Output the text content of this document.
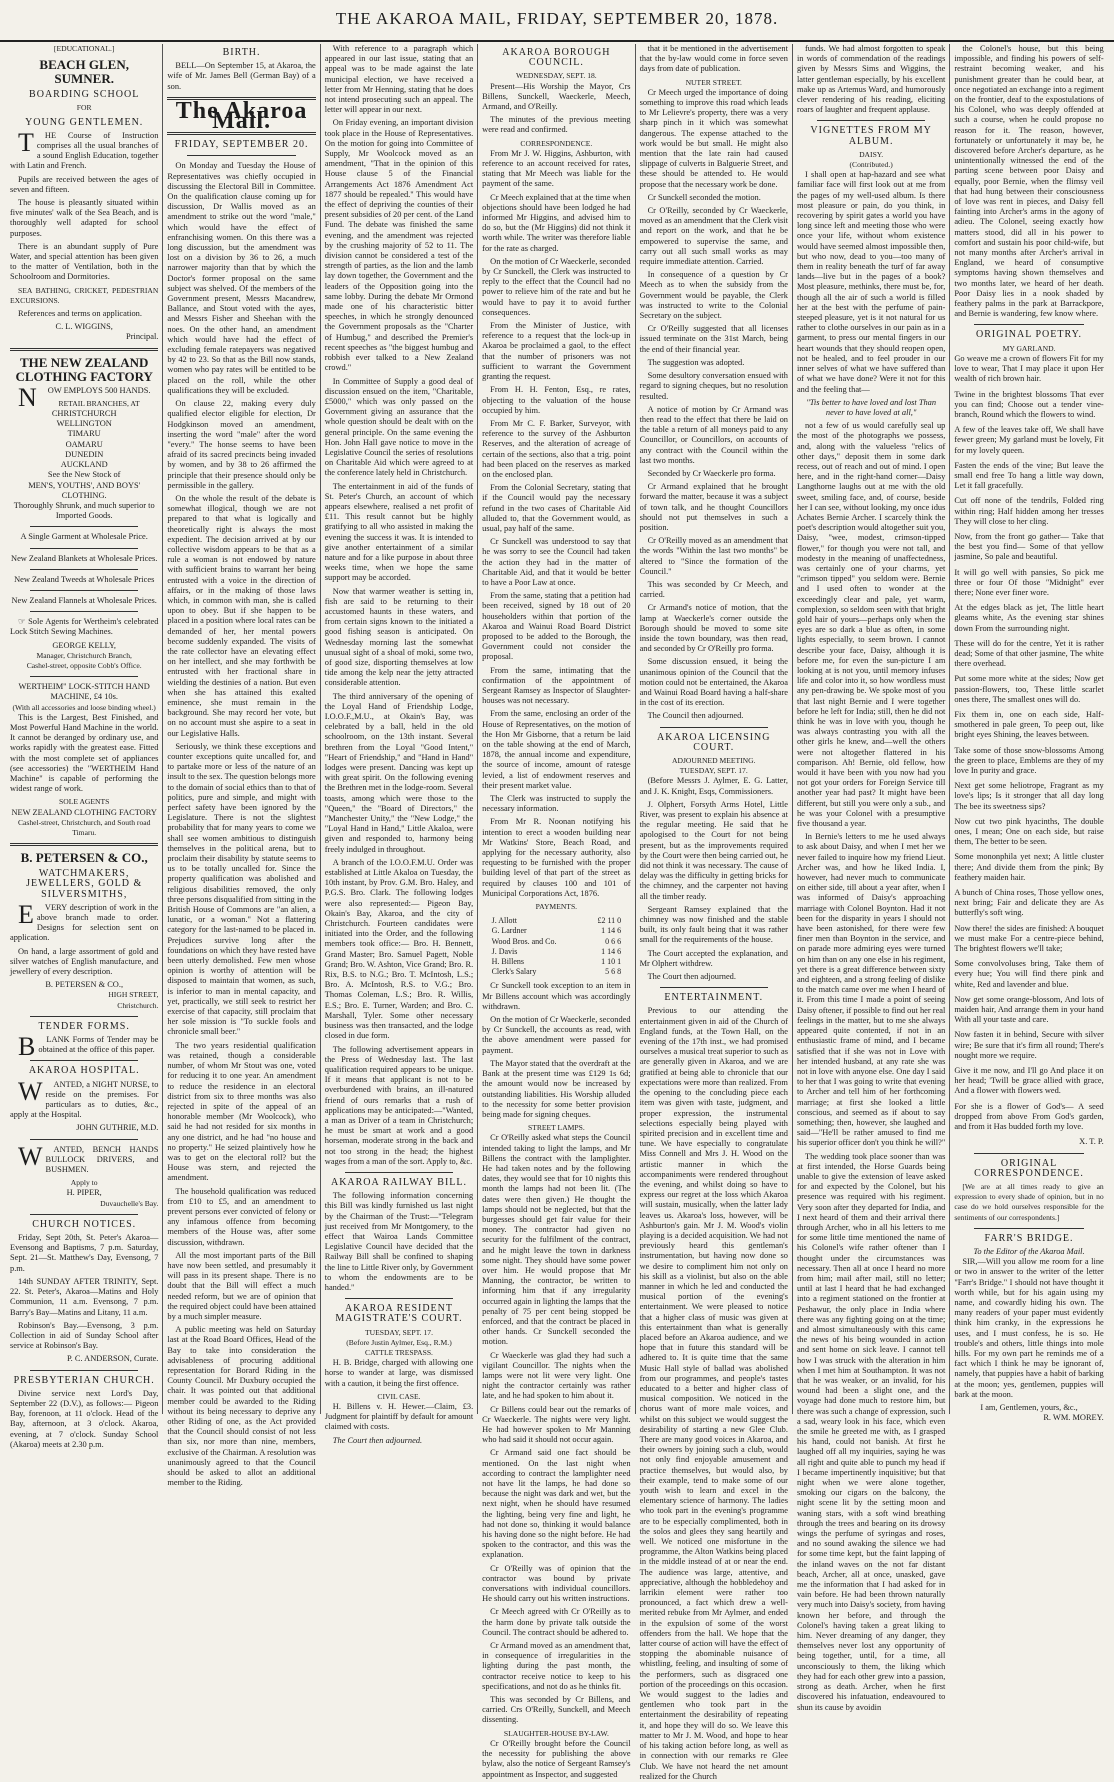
THE AKAROA MAIL, FRIDAY, SEPTEMBER 20, 1878.
[EDUCATIONAL.]
BEACH GLEN, SUMNER.
BOARDING SCHOOL
FOR
YOUNG GENTLEMEN.

T HE Course of Instruction comprises all the usual branches of a sound English Education, together with Latin and French.

Pupils are received between the ages of seven and fifteen.

The house is pleasantly situated within five minutes' walk of the Sea Beach, and is thoroughly well adapted for school purposes.

There is an abundant supply of Pure Water, and special attention has been given to the matter of Ventilation, both in the Schoolroom and Dormitories.

SEA BATHING, CRICKET, PEDESTRIAN EXCURSIONS.

References and terms on application.

C. L. WIGGINS,
Principal.
THE NEW ZEALAND CLOTHING FACTORY

N OW EMPLOYS 500 HANDS.

RETAIL BRANCHES, AT
CHRISTCHURCH
WELLINGTON
TIMARU
OAMARU
DUNEDIN
AUCKLAND
See the New Stock of
MEN'S, YOUTHS', AND BOYS' CLOTHING.

Thoroughly Shrunk, and much superior to Imported Goods.

A Single Garment at Wholesale Price.
New Zealand Blankets at Wholesale Prices.
New Zealand Tweeds at Wholesale Prices
New Zealand Flannels at Wholesale Prices.

☞ Sole Agents for Wertheim's celebrated Lock Stitch Sewing Machines.

GEORGE KELLY,
Manager, Christchurch Branch,
Cashel-street, opposite Cobb's Office.
WERTHEIM" LOCK-STITCH HAND MACHINE, £4 10s.
(With all accessories and loose binding wheel.)

This is the Largest, Best Finished, and Most Powerful Hand Machine in the world. It cannot be deranged by ordinary use, and works rapidly with the greatest ease. Fitted with the most complete set of appliances (see accessories) the "WERTHEIM Hand Machine" is capable of performing the widest range of work.

SOLE AGENTS
NEW ZEALAND CLOTHING FACTORY
Cashel-street, Christchurch, and South road Timaru.
B. PETERSEN & CO.,
WATCHMAKERS, JEWELLERS, GOLD & SILVERSMITHS,

E VERY description of work in the above branch made to order. Designs for selection sent on application.

On hand, a large assortment of gold and silver watches of English manufacture, and jewellery of every description.

B. PETERSEN & CO.,
HIGH STREET,
Christchurch.
TENDER FORMS.

B LANK Forms of Tender may be obtained at the office of this paper.

AKAROA HOSPITAL.

W ANTED, a NIGHT NURSE, to reside on the premises. For particulars as to duties, &c., apply at the Hospital.

JOHN GUTHRIE, M.D.

W ANTED, BENCH HANDS BULLOCK DRIVERS, and BUSHMEN.

Apply to
H. PIPER,
Duvauchelle's Bay.
CHURCH NOTICES.

Friday, Sept 20th, St. Peter's Akaroa—Evensong and Baptisms, 7 p.m. Saturday, Sept. 21—St. Matthew's Day, Evensong, 7 p.m.

14th SUNDAY AFTER TRINITY, Sept. 22. St. Peter's, Akaroa—Matins and Holy Communion, 11 a.m. Evensong, 7 p.m. Barry's Bay—Matins and Litany, 11 a.m.

Robinson's Bay.—Evensong, 3 p.m. Collection in aid of Sunday School after service at Robinson's Bay.

P. C. ANDERSON, Curate.
PRESBYTERIAN CHURCH.

Divine service next Lord's Day, September 22 (D.V.), as follows:— Pigeon Bay, forenoon, at 11 o'clock. Head of the Bay, afternoon, at 3 o'clock. Akaroa, evening, at 7 o'clock. Sunday School (Akaroa) meets at 2.30 p.m.

BIRTH.

BELL—On September 15, at Akaroa, the wife of Mr. James Bell (German Bay) of a son.

The Akaroa Mail.
FRIDAY, SEPTEMBER 20.

On Monday and Tuesday the House of Representatives was chiefly occupied in discussing the Electoral Bill in Committee. On the qualification clause coming up for discussion, Dr Wallis moved as an amendment to strike out the word "male," which would have the effect of enfranchising women. On this there was a long discussion, but the amendment was lost on a division by 36 to 26, a much narrower majority than that by which the Doctor's former proposal on the same subject was shelved. Of the members of the Government present, Messrs Macandrew, Ballance, and Stout voted with the ayes, and Messrs Fisher and Sheehan with the noes. On the other hand, an amendment which would have had the effect of excluding female ratepayers was negatived by 42 to 23. So that as the Bill now stands, women who pay rates will be entitled to be placed on the roll, while the other qualifications they will be excluded.

On clause 22, making every duly qualified elector eligible for election, Dr Hodgkinson moved an amendment, inserting the word "male" after the word "every." The honse seems to have been afraid of its sacred precincts being invaded by women, and by 38 to 26 affirmed the principle that their presence should only be permissible in the gallery.

On the whole the result of the debate is somewhat illogical, though we are not prepared to that what is logically and theoretically right is always the most expedient. The decision arrived at by our collective wisdom appears to be that as a rule a woman is not endowed by nature with sufficient brains to warrant her being entrusted with a voice in the direction of affairs, or in the making of those laws which, in common with man, she is called upon to obey. But if she happen to be placed in a position where local rates can be demanded of her, her mental powers become suddenly expanded. The visits of the rate collector have an elevating effect on her intellect, and she may forthwith be entrusted with her fractional share in wielding the destinies of a nation. But even when she has attained this exalted eminence, she must remain in the background. She may record her vote, but on no account must she aspire to a seat in our Legislative Halls.

Seriously, we think these exceptions and counter exceptions quite uncalled for, and to partake more or less of the nature of an insult to the sex. The question belongs more to the domain of social ethics than to that of politics, pure and simple, and might with perfect safety have been ignored by the Legislature. There is not the slightest probability that for many years to come we shall see women ambitious to distinguish themselves in the political arena, but to proclaim their disability by statute seems to us to be totally uncalled for. Since the property qualification was abolished and religious disabilities removed, the only three persons disqualified from sitting in the British House of Commons are "an alien, a lunatic, or a woman." Not a flattering category for the last-named to be placed in. Prejudices survive long after the foundations on which they have rested have been utterly demolished. Few men whose opinion is worthy of attention will be disposed to maintain that women, as such, is inferior to man in mental capacity, and yet, practically, we still seek to restrict her exercise of that capacity, still proclaim that her sole mission is "To suckle fools and chronicle small beer."

The two years residential qualification was retained, though a considerable number, of whom Mr Stout was one, voted for reducing it to one year. An amendment to reduce the residence in an electoral district from six to three months was also rejected in spite of the appeal of an honorable member (Mr Woolcock), who said he had not resided for six months in any one district, and he had "no house and no property." He seized plaintively how he was to get on the electoral roll? but the House was stern, and rejected the amendment.

The household qualification was reduced from £10 to £5, and an amendment to prevent persons ever convicted of felony or any infamous offence from becoming members of the House was, after some discussion, withdrawn.

All the most important parts of the Bill have now been settled, and presumably it will pass in its present shape. There is no doubt that the Bill will effect a much needed reform, but we are of opinion that the required object could have been attained by a much simpler measure.

A public meeting was held on Saturday last at the Road Board Offices, Head of the Bay to take into consideration the advisableness of procuring additional representation for Borard Riding in the County Council. Mr Duxbury occupied the chair. It was pointed out that additional member could be awarded to the Riding without its being necessary to deprive any other Riding of one, as the Act provided that the Council should consist of not less than six, nor more than nine, members, exclusive of the Chairman. A resolution was unanimously agreed to that the Council should be asked to allot an additional member to the Riding.

With reference to a paragraph which appeared in our last issue, stating that an appeal was to be made against the late municipal election, we have received a letter from Mr Henning, stating that he does not intend prosecuting such an appeal. The letter will appear in our next.

On Friday evening, an important division took place in the House of Representatives. On the motion for going into Committee of Supply, Mr Woolcock moved as an amendment, "That in the opinion of this House clause 5 of the Financial Arrangements Act 1876 Amendment Act 1877 should be repealed." This would have the effect of depriving the counties of their present subsidies of 20 per cent. of the Land Fund. The debate was finished the same evening, and the amendment was rejected by the crushing majority of 52 to 11. The division cannot be considered a test of the strength of parties, as the lion and the lamb lay down together, the Government and the leaders of the Opposition going into the same lobby. During the debate Mr Ormond made one of his characteristic bitter speeches, in which he strongly denounced the Government proposals as the "Charter of Humbug," and described the Premier's recent speeches as "the biggest humbug and robbish ever talked to a New Zealand crowd."

In Committee of Supply a good deal of discussion ensued on the item, "Charitable, £5000," which was only passed on the Government giving an assurance that the whole question should be dealt with on the general principle. On the same evening the Hon. John Hall gave notice to move in the Legislative Council the series of resolutions on Charitable Aid which were agreed to at the conference lately held in Christchurch.

The entertainment in aid of the funds of St. Peter's Church, an account of which appears elsewhere, realised a net profit of £11. This result cannot but be highly gratifying to all who assisted in making the evening the success it was. It is intended to give another entertainment of a similar nature and for a like purpose in about three weeks time, when we hope the same support may be accorded.

Now that warmer weather is setting in, fish are said to be returning to their accustomed haunts in these waters, and from certain signs known to the initiated a good fishing season is anticipated. On Wednesday morning last the somewhat unusual sight of a shoal of moki, some two, of good size, disporting themselves at low tide among the kelp near the jetty attracted considerable attention.

The third anniversary of the opening of the Loyal Hand of Friendship Lodge, I.O.O.F.,M.U., at Okain's Bay, was celebrated by a ball, held in the old schoolroom, on the 13th instant. Several brethren from the Loyal "Good Intent," "Heart of Friendship," and "Hand in Hand" lodges were present. Dancing was kept up with great spirit. On the following evening the Brethren met in the lodge-room. Several toasts, among which were those to the "Queen," the "Board of Directors," the "Manchester Unity," the "New Lodge," the "Loyal Hand in Hand," Little Akaloa, were given and responded to, harmony being freely indulged in throughout.

A branch of the I.O.O.F.M.U. Order was established at Little Akaloa on Tuesday, the 10th instant, by Prov. G.M. Bro. Haley, and P.G.S. Bro. Clark. The following lodges were also represented:— Pigeon Bay, Okain's Bay, Akaroa, and the city of Christchurch. Fourteen candidates were initiated into the Order, and the following members took office:— Bro. H. Bennett, Grand Master; Bro. Samuel Pagett, Noble Grand; Bro. W. Ashton, Vice Grand; Bro. R. Rix, B.S. to N.G.; Bro. T. McIntosh, L.S.; Bro. A. McIntosh, R.S. to V.G.; Bro. Thomas Coleman, L.S.; Bro. R. Willis, E.S.; Bro. E. Turner, Warden; and Bro. C. Marshall, Tyler. Some other necessary business was then transacted, and the lodge closed in due form.

The following advertisement appears in the Press of Wednesday last. The last qualification required appears to be unique. If it means that applicant is not to be overburdened with brains, an ill-natured friend of ours remarks that a rush of applications may be anticipated:—"Wanted, a man as Driver of a team in Christchurch; he must be smart at work and a good horseman, moderate strong in the back and not too strong in the head; the highest wages from a man of the sort. Apply to, &c.

AKAROA RAILWAY BILL.

The following information concerning this Bill was kindly furnished us last night by the Chairman of the Trust:—"Telegram just received from Mr Montgomery, to the effect that Wairoa Lands Committee Legislative Council have decided that the Railway Bill shall be confined to shaping the line to Little River only, by Government to whom the endowments are to be handed."

AKAROA RESIDENT MAGISTRATE'S COURT.
TUESDAY, SEPT. 17.
(Before Justin Aylmer, Esq., R.M.)
CATTLE TRESPASS.

H. B. Bridge, charged with allowing one horse to wander at large, was dismissed with a caution, it being the first offence.

CIVIL CASE.

H. Billens v. H. Hewer.—Claim, £3. Judgment for plaintiff by default for amount claimed with costs.

The Court then adjourned.

AKAROA BOROUGH COUNCIL.
WEDNESDAY, SEPT. 18.

Present—His Worship the Mayor, Crs Billens, Sunckell, Waeckerle, Meech, Armand, and O'Reilly.

The minutes of the previous meeting were read and confirmed.

CORRESPONDENCE.

From Mr J. W. Higgins, Ashburton, with reference to an account received for rates, stating that Mr Meech was liable for the payment of the same.

Cr Meech explained that at the time when objections should have been lodged he had informed Mr Higgins, and advised him to do so, but the (Mr Higgins) did not think it worth while. The writer was therefore liable for the rate as charged.

On the motion of Cr Waeckerle, seconded by Cr Sunckell, the Clerk was instructed to reply to the effect that the Council had no power to relieve him of the rate and but he would have to pay it to avoid further consequences.

From the Minister of Justice, with reference to a request that the lock-up in Akaroa be proclaimed a gaol, to the effect that the number of prisoners was not sufficient to warrant the Government granting the request.

From H. H. Fenton, Esq., re rates, objecting to the valuation of the house occupied by him.

From Mr C. F. Barker, Surveyor, with reference to the survey of the Ashburton Reserves, and the alteration of acreage of certain of the sections, also that a trig. point had been placed on the reserves as marked on the enclosed plan.

From the Colonial Secretary, stating that if the Council would pay the necessary refund in the two cases of Charitable Aid alluded to, that the Government would, as usual, pay half of the same.

Cr Sunckell was understood to say that he was sorry to see the Council had taken the action they had in the matter of Charitable Aid, and that it would be better to have a Poor Law at once.

From the same, stating that a petition had been received, signed by 18 out of 20 householders within that portion of the Akaroa and Wainui Road Board District proposed to be added to the Borough, the Government could not consider the proposal.

From the same, intimating that the confirmation of the appointment of Sergeant Ramsey as Inspector of Slaughter-houses was not necessary.

From the same, enclosing an order of the House of Representatives, on the motion of the Hon Mr Gisborne, that a return be laid on the table showing at the end of March, 1878, the annual income and expenditure, the source of income, amount of ratesge levied, a list of endowment reserves and their present market value.

The Clerk was instructed to supply the necessary information.

From Mr R. Noonan notifying his intention to erect a wooden building near Mr Watkins' Store, Beach Road, and applying for the necessary authority, also requesting to be furnished with the proper building level of that part of the street as required by clauses 100 and 101 of Municipal Corporations Act, 1876.

PAYMENTS.
J. Allott	£2 11 0
G. Lardner	1 14 6
Wood Bros. and Co.	0 6 6
J. Davis	1 14 6
H. Billens	1 10 1
Clerk's Salary	5 6 8

Cr Sunckell took exception to an item in Mr Billens account which was accordingly withdrawn.

On the motion of Cr Waeckerle, seconded by Cr Sunckell, the accounts as read, with the above amendment were passed for payment.

The Mayor stated that the overdraft at the Bank at the present time was £129 1s 6d; the amount would now be increased by outstanding liabilities. His Worship alluded to the necessity for some better provision being made for signing cheques.

STREET LAMPS.

Cr O'Reilly asked what steps the Council intended taking to light the lamps, and Mr Billens the contract with the lamplighter. He had taken notes and by the following dates, they would see that for 10 nights this month the lamps had not been lit. (The dates were then given.) He thought the lamps should not be neglected, but that the burgesses should get fair value for their money. The contractor had given no security for the fulfilment of the contract, and he might leave the town in darkness some night. They should have some power over him. He would propose that Mr Manning, the contractor, be written to informing him that if any irregularity occurred again in lighting the lamps that the penalty of 75 per cent being stopped be enforced, and that the contract be placed in other hands. Cr Sunckell seconded the motion.

Cr Waeckerle was glad they had such a vigilant Councillor. The nights when the lamps were not lit were very light. One night the contractor certainly was rather late, and he had spoken to him about it.

Cr Billens could bear out the remarks of Cr Waeckerle. The nights were very light. He had however spoken to Mr Manning who had said it should not occur again.

Cr Armand said one fact should be mentioned. On the last night when according to contract the lamplighter need not have lit the lamps, he had done so because the night was dark and wet, but the next night, when he should have resumed the lighting, being very fine and light, he had not done so, thinking it would balance his having done so the night before. He had spoken to the contractor, and this was the explanation.

Cr O'Reilly was of opinion that the contractor was bound by private conversations with individual councillors. He should carry out his written instructions.

Cr Meech agreed with Cr O'Reilly as to the harm done by private talk outside the Council. The contract should be adhered to.

Cr Armand moved as an amendment that, in consequence of irregularities in the lighting during the past month, the contractor receive notice to keep to his specifications, and not do as he thinks fit.

This was seconded by Cr Billens, and carried. Crs O'Reilly, Sunckell, and Meech dissenting.

SLAUGHTER-HOUSE BY-LAW.

Cr O'Reilly brought before the Council the necessity for publishing the above bylaw, also the notice of Sergeant Ramsey's appointment as Inspector, and suggested

that it be mentioned in the advertisement that the by-law would come in force seven days from date of publication.

NUTER STREET.

Cr Meech urged the importance of doing something to improve this road which leads to Mr Lelievre's property, there was a very sharp pinch in it which was somewhat dangerous. The expense attached to the work would be but small. He might also mention that the late rain had caused slippage of culverts in Balguerie Street, and these should be attended to. He would propose that the necessary work be done.

Cr Sunckell seconded the motion.

Cr O'Reilly, seconded by Cr Waeckerle, moved as an amendment that the Clerk visit and report on the work, and that he be empowered to supervise the same, and carry out all such small works as may require immediate attention. Carried.

In consequence of a question by Cr Meech as to when the subsidy from the Government would be payable, the Clerk was instructed to write to the Colonial Secretary on the subject.

Cr O'Reilly suggested that all licenses issued terminate on the 31st March, being the end of their financial year.

The suggestion was adopted.

Some desultory conversation ensued with regard to signing cheques, but no resolution resulted.

A notice of motion by Cr Armand was then read to the effect that there be laid on the table a return of all moneys paid to any Councillor, or Councillors, on accounts of any contract with the Council within the last two months.

Seconded by Cr Waeckerle pro forma.

Cr Armand explained that he brought forward the matter, because it was a subject of town talk, and he thought Councillors should not put themselves in such a position.

Cr O'Reilly moved as an amendment that the words "Within the last two months" be altered to "Since the formation of the Council."

This was seconded by Cr Meech, and carried.

Cr Armand's notice of motion, that the lamp at Waeckerle's corner outside the Borough should be moved to some site inside the town boundary, was then read, and seconded by Cr O'Reilly pro forma.

Some discussion ensued, it being the unanimous opinion of the Council that the motion could not be entertained, the Akaroa and Wainui Road Board having a half-share in the cost of its erection.

The Council then adjourned.

AKAROA LICENSING COURT.
ADJOURNED MEETING.
TUESDAY, SEPT. 17.

(Before Messrs J. Aylmer, E. G. Latter, and J. K. Knight, Esqs, Commissioners.

J. Olphert, Forsyth Arms Hotel, Little River, was present to explain his absence at the regular meeting. He said that he apologised to the Court for not being present, but as the improvements required by the Court were then being carried out, he did not think it was necessary. The cause of delay was the difficulty in getting bricks for the chimney, and the carpenter not having all the timber ready.

Sergeant Ramsey explained that the chimney was now finished and the stable built, its only fault being that it was rather small for the requirements of the house.

The Court accepted the explanation, and Mr Olphert withdrew.

The Court then adjourned.

ENTERTAINMENT.

Previous to our attending the entertainment given in aid of the Church of England funds, at the Town Hall, on the evening of the 17th inst., we had promised ourselves a musical treat superior to such as are generally given in Akaroa, and we are gratified at being able to chronicle that our expectations were more than realized. From the opening to the concluding piece each item was given with taste, judgment, and proper expression, the instrumental selections especially being played with spirited precision and in excellent time and tune. We have especially to congratulate Miss Connell and Mrs J. H. Wood on the artistic manner in which the accompaniments were rendered throughout the evening, and whilst doing so have to express our regret at the loss which Akaroa will sustain, musically, when the latter lady leaves us. Akaroa's loss, however, will be Ashburton's gain. Mr J. M. Wood's violin playing is a decided acquisition. We had not previously heard this gentleman's instrumentation, but having now done so we desire to compliment him not only on his skill as a violinist, but also on the able manner in which he led and conducted the musical portion of the evening's entertainment. We were pleased to notice that a higher class of music was given at this entertainment than what is generally placed before an Akaroa audience, and we hope that in future this standard will be adhered to. It is quite time that the same Music Hall style of ballad was abolished from our programmes, and people's tastes educated to a better and higher class of musical composition. We noticed in the chorus want of more male voices, and whilst on this subject we would suggest the desirability of starting a new Glee Club. There are many good voices in Akaroa, and their owners by joining such a club, would not only find enjoyable amusement and practice themselves, but would also, by their example, tend to make some of our youth wish to learn and excel in the elementary science of harmony. The ladies who took part in the evening's programme are to be especially complimented, both in the solos and glees they sang heartily and well. We noticed one misfortune in the programme, the Alton Watkins being placed in the middle instead of at or near the end. The audience was large, attentive, and appreciative, although the hobbledehoy and larrikin element were rather too pronounced, a fact which drew a well-merited rebuke from Mr Aylmer, and ended in the expulsion of some of the worst offenders from the hall. We hope that the latter course of action will have the effect of stopping the abominable nuisance of whistling, feeling, and insulting of some of the performers, such as disgraced one portion of the proceedings on this occasion. We would suggest to the ladies and gentlemen who took part in the entertainment the desirability of repeating it, and hope they will do so. We leave this matter to Mr J. M. Wood, and hope to hear of his taking action before long, as well as in connection with our remarks re Glee Club. We have not heard the net amount realized for the Church

funds. We had almost forgotten to speak in words of commendation of the readings given by Messrs Sims and Wiggins, the latter gentleman especially, by his excellent make up as Artemus Ward, and humorously clever rendering of his reading, eliciting roars of laughter and frequent applause.

VIGNETTES FROM MY ALBUM.
DAISY.
(Contributed.)

I shall open at hap-hazard and see what familiar face will first look out at me from the pages of my well-used album. Is there most pleasure or pain, do you think, in recovering by spirit gates a world you have long since left and meeting those who were once your life, without whom existence would have seemed almost impossible then, but who now, dead to you—too many of them in reality beneath the turf of far away lands—live but in the pages of a book? Most pleasure, methinks, there must be, for, though all the air of such a world is filled her at the best with the perfume of pain-steeped pleasure, yet is it not natural for us rather to clothe ourselves in our pain as in a garment, to press our mental fingers in our heart wounds that they should reopen open, not be healed, and to feel prouder in our inner selves of what we have suffered than of what we have done? Were it not for this and the feeling that—

"Tis better to have loved and lost Than never to have loved at all,"

not a few of us would carefully seal up the most of the photographs we possess, and, along with the valueless "relics of other days," deposit them in some dark recess, out of reach and out of mind. I open here, and in the right-hand corner—Daisy Langthorne laughs out at me with the old sweet, smiling face, and, of course, beside her I can see, without looking, my once idus Achates Bernie Archer. I scarcely think the poet's description would altogether suit you, Daisy, "wee, modest, crimson-tipped flower," for though you were not tall, and modesty in the meaning of unaffectedness, was certainly one of your charms, yet "crimson tipped" you seldom were. Bernie and I used often to wonder at the exceedingly clear and pale, yet warm, complexion, so seldom seen with that bright gold hair of yours—perhaps only when the eyes are so dark a blue as often, in some lights especially, to seem brown. I cannot describe your face, Daisy, although it is before me, for even the sun-picture I am looking at is not you, until memory infuses life and color into it, so how wordless must any pen-drawing be. We spoke most of you that last night Bernie and I were together before he left for India; still, then he did not think he was in love with you, though he was always contrasting you with all the other girls he knew, and—well the others were not altogether flattered in his comparison. Ah! Bernie, old fellow, how would it have been with you now had you not got your orders for Foreign Service till another year had past? It might have been different, but still you were only a sub., and he was your Colonel with a presumptive five thousand a year.

In Bernie's letters to me he used always to ask about Daisy, and when I met her we never failed to inquire how my friend Lieut. Archer was, and how he liked India. I, however, had never much to communicate on either side, till about a year after, when I was informed of Daisy's approaching marriage with Colonel Boynton. Had it not been for the disparity in years I should not have been astonished, for there were few finer men than Boynton in the service, and on parade more admiring eyes were turned on him than on any one else in his regiment, yet there is a great difference between sixty and eighteen, and a strong feeling of dislike to the match came over me when I heard of it. From this time I made a point of seeing Daisy oftener, if possible to find out her real feelings in the matter, but to me she always appeared quite contented, if not in an enthusiastic frame of mind, and I became satisfied that if she was not in Love with her intended husband, at any rate she was not in love with anyone else. One day I said to her that I was going to write that evening to Archer and tell him of her forthcoming marriage; at first she looked a little conscious, and seemed as if about to say something; then, however, she laughed and said—"He'll be rather amused to find me his superior officer don't you think he will?"

The wedding took place sooner than was at first intended, the Horse Guards being unable to give the extension of leave asked for and expected by the Colonel, but his presence was required with his regiment. Very soon after they departed for India, and I next heard of them and their arrival there through Archer, who in all his letters to me for some little time mentioned the name of his Colonel's wife rather oftener than I thought under the circumstances was necessary. Then all at once I heard no more from him; mail after mail, still no letter; until at last I heard that he had exchanged into a regiment stationed on the frontier at Peshawur, the only place in India where there was any fighting going on at the time; and almost simultaneously with this came the news of his being wounded in action and sent home on sick leave. I cannot tell how I was struck with the alteration in him when I met him at Southampton. It was not that he was weaker, or an invalid, for his wound had been a slight one, and the voyage had done much to restore him, but there was such a change of expression, such a sad, weary look in his face, which even the smile he greeted me with, as I grasped his hand, could not banish. At first he laughed off all my inquiries, saying he was all right and quite able to punch my head if I became impertinently inquisitive; but that night when we were alone together, smoking our cigars on the balcony, the night scene lit by the setting moon and waning stars, with a soft wind breathing through the trees and bearing on its drowsy wings the perfume of syringas and roses, and no sound awaking the silence we had for some time kept, but the faint lapping of the inland waves on the not far distant beach, Archer, all at once, unasked, gave me the information that I had asked for in vain before. He had been thrown naturally very much into Daisy's society, from having known her before, and through the Colonel's having taken a great liking to him. Never dreaming of any danger, they themselves never lost any opportunity of being together, until, for a time, all unconsciously to them, the liking which they had for each other grew into a passion, strong as death. Archer, when he first discovered his infatuation, endeavoured to shun its cause by avoidin

the Colonel's house, but this being impossible, and finding his powers of self-restraint becoming weaker, and his punishment greater than he could bear, at once negotiated an exchange into a regiment on the frontier, deaf to the expostulations of his Colonel, who was deeply offended at such a course, when he could propose no reason for it. The reason, however, fortunately or unfortunately it may be, he discovered before Archer's departure, as he unintentionally witnessed the end of the parting scene between poor Daisy and equally, poor Bernie, when the flimsy veil that had hung between their consciousness of love was rent in pieces, and Daisy fell fainting into Archer's arms in the agony of adieu. The Colonel, seeing exactly how matters stood, did all in his power to comfort and sustain his poor child-wife, but not many months after Archer's arrival in England, we heard of consumptive symptoms having shown themselves and two months later, we heard of her death. Poor Daisy lies in a nook shaded by feathery palms in the park at Barrackpore, and Bernie is wandering, few know where.

ORIGINAL POETRY.
MY GARLAND.

Go weave me a crown of flowers Fit for my love to wear, That I may place it upon Her wealth of rich brown hair.

Twine in the brightest blossoms That ever you can find; Choose out a tender vine-branch, Round which the flowers to wind.

A few of the leaves take off, We shall have fewer green; My garland must be lovely, Fit for my lovely queen.

Fasten the ends of the vine; But leave the small end free To hang a little way down, Let it fall gracefully.

Cut off none of the tendrils, Folded ring within ring; Half hidden among her tresses They will close to her cling.

Now, from the front go gather— Take that the best you find— Some of that yellow jasmine, So pale and beautiful.

It will go well with pansies, So pick me three or four Of those "Midnight" ever there; None ever finer wore.

At the edges black as jet, The little heart gleams white, As the evening star shines down From the surrounding night.

These will do for the centre, Yet it is rather dead; Some of that other jasmine, The white there overhead.

Put some more white at the sides; Now get passion-flowers, too, These little scarlet ones there, The smallest ones will do.

Fix them in, one on each side, Half-smothered in pale green, To peep out, like bright eyes Shining, the leaves between.

Take some of those snow-blossoms Among the green to place, Emblems are they of my love In purity and grace.

Next get some heliotrope, Fragrant as my love's lips; Is it stronger that all day long The bee its sweetness sips?

Now cut two pink hyacinths, The double ones, I mean; One on each side, but raise them, The better to be seen.

Some mononphila yet next; A little cluster there; And divide them from the pink; By feathery maiden hair.

A bunch of China roses, Those yellow ones, next bring; Fair and delicate they are As butterfly's soft wing.

Now there! the sides are finished: A bouquet we must make For a centre-piece behind, The brightest flowers we'll take;

Some convolvoluses bring, Take them of every hue; You will find there pink and white, Red and lavender and blue.

Now get some orange-blossom, And lots of maiden hair, And arrange them in your hand With all your taste and care.

Now fasten it in behind, Secure with silver wire; Be sure that it's firm all round; There's nought more we require.

Give it me now, and I'll go And place it on her head; 'Twill be grace allied with grace, And a flower with flowers wed.

For she is a flower of God's— A seed dropped from above From God's garden, and from it Has budded forth my love.

X. T. P.
ORIGINAL CORRESPONDENCE.

[We are at all times ready to give an expression to every shade of opinion, but in no case do we hold ourselves responsible for the sentiments of our correspondents.]

FARR'S BRIDGE.
To the Editor of the Akaroa Mail.

SIR,—Will you allow me room for a line or two in answer to the writer of the letter "Farr's Bridge." I should not have thought it worth while, but for his again using my name, and cowardly hiding his own. The many readers of your paper must evidently think him cranky, in the expressions he uses, and I must confess, he is so. He trouble's and others, little things into mole hills. For my own part he reminds me of a fact which I think he may be ignorant of, namely, that puppies have a habit of barking at the moon; yes, gentlemen, puppies will bark at the moon.

I am, Gentlemen, yours, &c.,
R. WM. MOREY.
